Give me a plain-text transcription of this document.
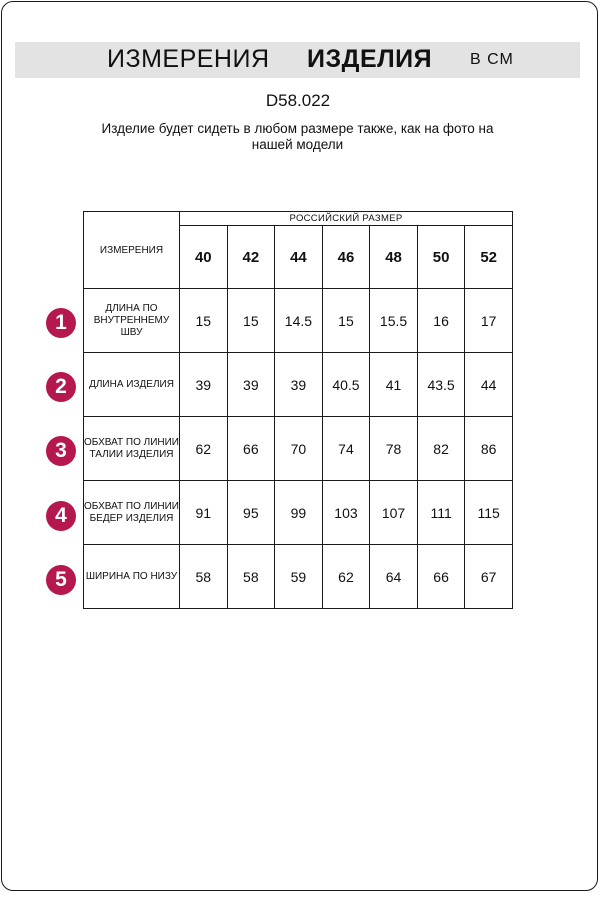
ИЗМЕРЕНИЯ ИЗДЕЛИЯ В СМ
D58.022
Изделие будет сидеть в любом размере также, как на фото на нашей модели
ИЗМЕРЕНИЯ	РОССИЙСКИЙ РАЗМЕР						
	40	42	44	46	48	50	52
ДЛИНА ПО ВНУТРЕННЕМУ ШВУ	15	15	14.5	15	15.5	16	17
ДЛИНА ИЗДЕЛИЯ	39	39	39	40.5	41	43.5	44
ОБХВАТ ПО ЛИНИИ ТАЛИИ ИЗДЕЛИЯ	62	66	70	74	78	82	86
ОБХВАТ ПО ЛИНИИ БЕДЕР ИЗДЕЛИЯ	91	95	99	103	107	111	115
ШИРИНА ПО НИЗУ	58	58	59	62	64	66	67
1
2
3
4
5
